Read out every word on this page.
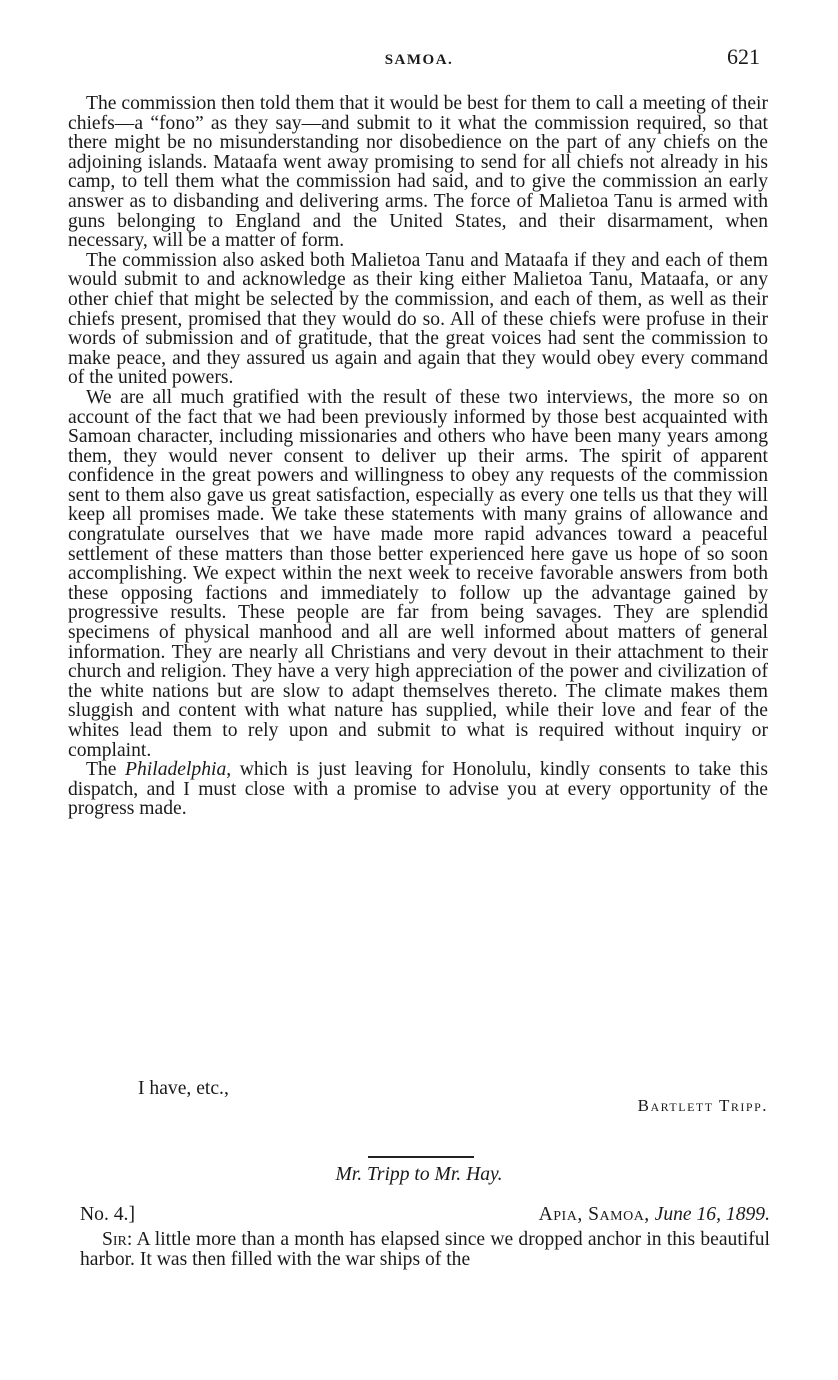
SAMOA.	621

The commission then told them that it would be best for them to call a meeting of their chiefs—a “fono” as they say—and submit to it what the commission required, so that there might be no misunderstanding nor disobedience on the part of any chiefs on the adjoining islands. Mataafa went away promising to send for all chiefs not already in his camp, to tell them what the commission had said, and to give the commission an early answer as to disbanding and delivering arms. The force of Malietoa Tanu is armed with guns belonging to England and the United States, and their disarmament, when necessary, will be a matter of form.

The commission also asked both Malietoa Tanu and Mataafa if they and each of them would submit to and acknowledge as their king either Malietoa Tanu, Mataafa, or any other chief that might be selected by the commission, and each of them, as well as their chiefs present, promised that they would do so. All of these chiefs were profuse in their words of submission and of gratitude, that the great voices had sent the commission to make peace, and they assured us again and again that they would obey every command of the united powers.

We are all much gratified with the result of these two interviews, the more so on account of the fact that we had been previously informed by those best acquainted with Samoan character, including missionaries and others who have been many years among them, they would never consent to deliver up their arms. The spirit of apparent confidence in the great powers and willingness to obey any requests of the commission sent to them also gave us great satisfaction, especially as every one tells us that they will keep all promises made. We take these statements with many grains of allowance and congratulate ourselves that we have made more rapid advances toward a peaceful settlement of these matters than those better experienced here gave us hope of so soon accomplishing. We expect within the next week to receive favorable answers from both these opposing factions and immediately to follow up the advantage gained by progressive results. These people are far from being savages. They are splendid specimens of physical manhood and all are well informed about matters of general information. They are nearly all Christians and very devout in their attachment to their church and religion. They have a very high appreciation of the power and civilization of the white nations but are slow to adapt themselves thereto. The climate makes them sluggish and content with what nature has supplied, while their love and fear of the whites lead them to rely upon and submit to what is required without inquiry or complaint.

The Philadelphia, which is just leaving for Honolulu, kindly consents to take this dispatch, and I must close with a promise to advise you at every opportunity of the progress made.

I have, etc.,
Bartlett Tripp.
Mr. Tripp to Mr. Hay.
No. 4.]	Apia, Samoa, June 16, 1899.

Sir: A little more than a month has elapsed since we dropped anchor in this beautiful harbor. It was then filled with the war ships of the
